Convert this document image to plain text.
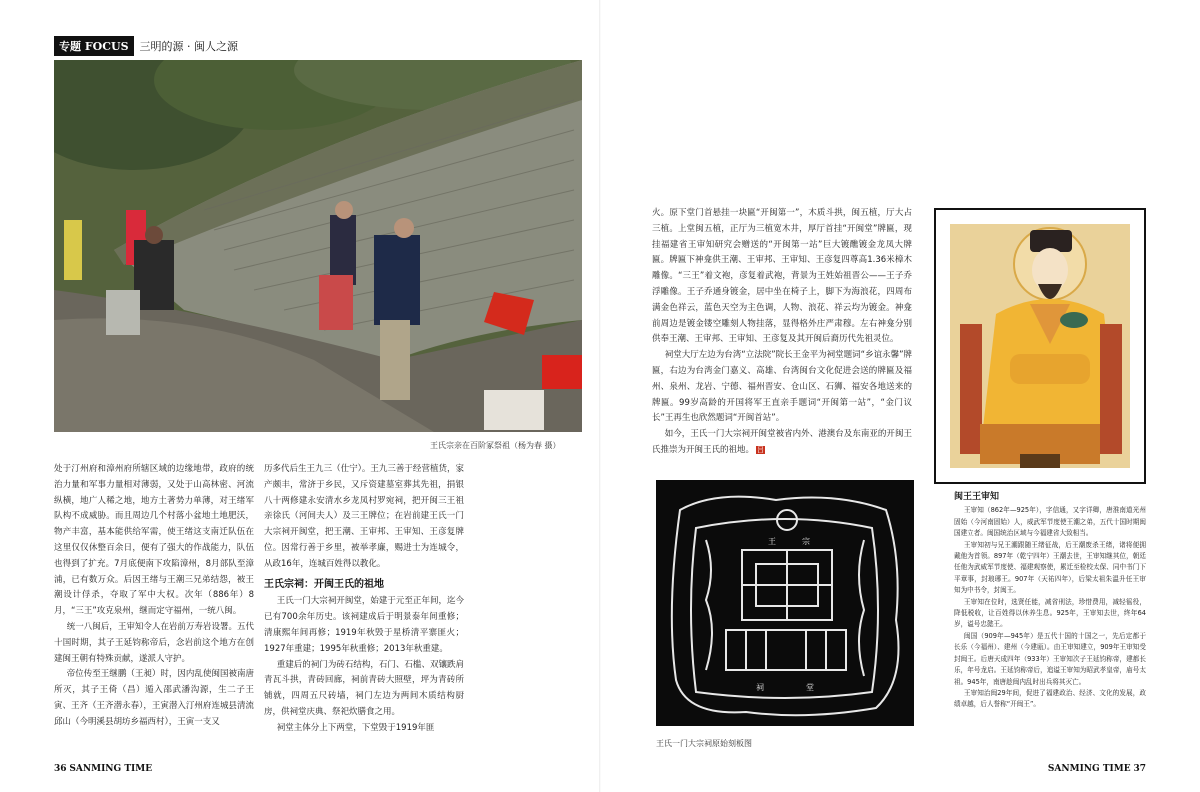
专题 FOCUS	三明的源 · 闽人之源
王氏宗亲在百阶冢祭祖（杨为春 摄）

处于汀州府和漳州府所辖区域的边缘地带，政府的统治力量和军事力量相对薄弱，又处于山高林密、河流纵横，地广人稀之地，地方土著势力单薄，对王绪军队构不成威胁。而且周边几个村落小盆地土地肥沃，物产丰富，基本能供给军需，使王绪这支南迁队伍在这里仅仅休整百余日，便有了强大的作战能力，队伍也得到了扩充。7月底便南下攻陷漳州，8月部队至漳浦，已有数万众。后因王绪与王潮三兄弟结怨，被王潮设计俘杀，夺取了军中大权。次年（886年）8月，“三王”攻克泉州，继而定守福州，一统八闽。

统一八闽后，王审知令人在岩前万寿岩设署。五代十国时期，其子王延钧称帝后，念岩前这个地方在创建闽王朝有特殊贡献，遂派人守护。

帝位传至王继鹏（王昶）时，因内乱使闽国被南唐所灭，其子王倚（昌）遁入邵武潘沟源，生二子王寅、王齐（王齐潜永春），王寅潜入汀州府连城县清流邱山（今明溪县胡坊乡福西村），王寅一支又

历多代后生王九三（仕宁）。王九三善于经营植货，家产颇丰，常济于乡民，又斥资建墓室葬其先祖，捐银八十两修建永安清水乡龙凤村罗宛祠，把开闽三王祖亲徐氏（河间夫人）及三王牌位；在岩前建王氏一门大宗祠开闽堂，把王潮、王审邦、王审知、王彦复牌位。因常行善于乡里，被举孝廉，赐进士为连城令，从政16年，连城百姓得以教化。

王氏宗祠：开闽王氏的祖地

王氏一门大宗祠开闽堂，始建于元至正年间，迄今已有700余年历史。该祠建成后于明景泰年间重修；清康熙年间再修；1919年秋毁于星桥清平寨匪火；1927年重建；1995年秋重修；2013年秋重建。

重建后的祠门为砖石结构，石门、石槛、双镶跌肩青瓦斗拱，青砖回廊，祠前青砖大照壁，坪为青砖所铺就，四周五尺砖墙，祠门左边为两间木质结构厨房，供祠堂庆典、祭祀炊膳食之用。

祠堂主体分上下两堂，下堂毁于1919年匪

火。原下堂门首悬挂一块匾“开闽第一”，木质斗拱，闽五植，厅大占三植。上堂闽五植，正厅为三植宽木井，厚厅首挂“开闽堂”牌匾，现挂福建省王审知研究会赠送的“开闽第一站”巨大镀醮镀金龙凤大牌匾。牌匾下神龛供王潮、王审邦、王审知、王彦复四尊高1.36米樟木雕像。“三王”着文袍，彦复着武袍，背景为王姓始祖晋公——王子乔浮雕像。王子乔通身镀金，居中坐在椅子上，脚下为海浪花，四周布满金色祥云，蓝色天空为主色调，人物、浪花、祥云均为镀金。神龛前周边是镀金镂空雕刻人物挂落，显得格外庄严肃穆。左右神龛分别供奉王潮、王审邦、王审知、王彦复及其开闽后裔历代先祖灵位。

祠堂大厅左边为台湾“立法院”院长王金平为祠堂题词“乡谊永馨”牌匾，右边为台湾金门嘉义、高雄、台湾闽台文化促进会送的牌匾及福州、泉州、龙岩、宁德、福州晋安、仓山区、石狮、福安各地送来的牌匾。99岁高龄的开国将军王直亲手题词“开闽第一站”，“金门议长”王再生也欣然题词“开闽首站”。

如今，王氏一门大宗祠开闽堂被省内外、港澳台及东南亚的开闽王氏推崇为开闽王氏的祖地。 吕

闽王王审知

王审知（862年—925年），字信通，又字详卿，唐淮南道光州固始（今河南固始）人，威武军节度使王潮之弟，五代十国时期闽国建立者。闽国统治区域与今福建省大致相当。

王审知初与兄王潮跟随王绪征战，后王潮废杀王绪，诸将便拥戴他为首领。897年（乾宁四年）王潮去世，王审知继其位，朝廷任他为武威军节度使、福建观察使，累迁至检校太保、同中书门下平章事，封琅琊王。907年（天祐四年），后梁太祖朱温升任王审知为中书令，封闽王。

王审知在位时，选贤任能，减省刑法，珍惜费用，减轻徭役，降低税收，让百姓得以休养生息。925年，王审知去世，终年64岁，谥号忠懿王。

闽国（909年—945年）是五代十国的十国之一，先后定都于长乐（今福州）、建州（今建瓯）。由王审知建立，909年王审知受封闽王。后唐天成四年（933年）王审知次子王延钧称帝，建都长乐，年号龙启。王延钧称帝后，追谥王审知为昭武孝皇帝，庙号太祖。945年，南唐趁闽内乱时出兵将其灭亡。

王审知治闽29年间，促进了福建政治、经济、文化的发展，政绩卓越，后人誉称“开闽王”。

王	宗
祠	堂
王氏一门大宗祠原始刻板图
36 SANMING TIME	SANMING TIME 37
